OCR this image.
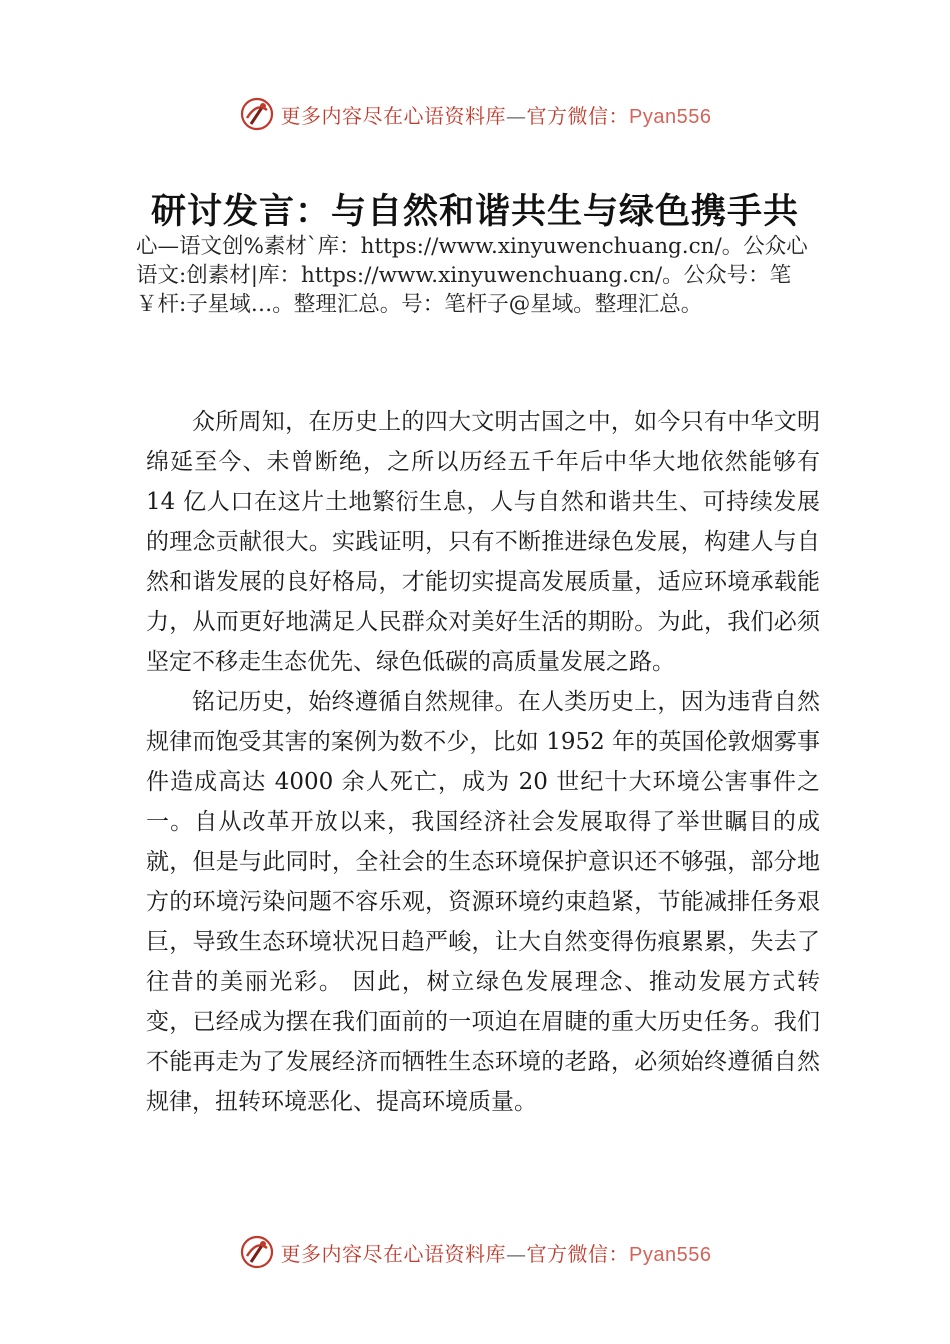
更多内容尽在心语资料库—官方微信：Pyan556
研讨发言：与自然和谐共生与绿色携手共
心—语文创%素材`库：https://www.xinyuwenchuang.cn/。公众心语文:创素材|库：https://www.xinyuwenchuang.cn/。公众号：笔￥杆:子星域…。整理汇总。号：笔杆子@星域。整理汇总。

众所周知，在历史上的四大文明古国之中，如今只有中华文明绵延至今、未曾断绝，之所以历经五千年后中华大地依然能够有 14 亿人口在这片土地繁衍生息，人与自然和谐共生、可持续发展的理念贡献很大。实践证明，只有不断推进绿色发展，构建人与自然和谐发展的良好格局，才能切实提高发展质量，适应环境承载能力，从而更好地满足人民群众对美好生活的期盼。为此，我们必须坚定不移走生态优先、绿色低碳的高质量发展之路。

铭记历史，始终遵循自然规律。在人类历史上，因为违背自然规律而饱受其害的案例为数不少，比如 1952 年的英国伦敦烟雾事件造成高达 4000 余人死亡，成为 20 世纪十大环境公害事件之一。自从改革开放以来，我国经济社会发展取得了举世瞩目的成就，但是与此同时，全社会的生态环境保护意识还不够强，部分地方的环境污染问题不容乐观，资源环境约束趋紧，节能减排任务艰巨，导致生态环境状况日趋严峻，让大自然变得伤痕累累，失去了往昔的美丽光彩。 因此，树立绿色发展理念、推动发展方式转变，已经成为摆在我们面前的一项迫在眉睫的重大历史任务。我们不能再走为了发展经济而牺牲生态环境的老路，必须始终遵循自然规律，扭转环境恶化、提高环境质量。

更多内容尽在心语资料库—官方微信：Pyan556
